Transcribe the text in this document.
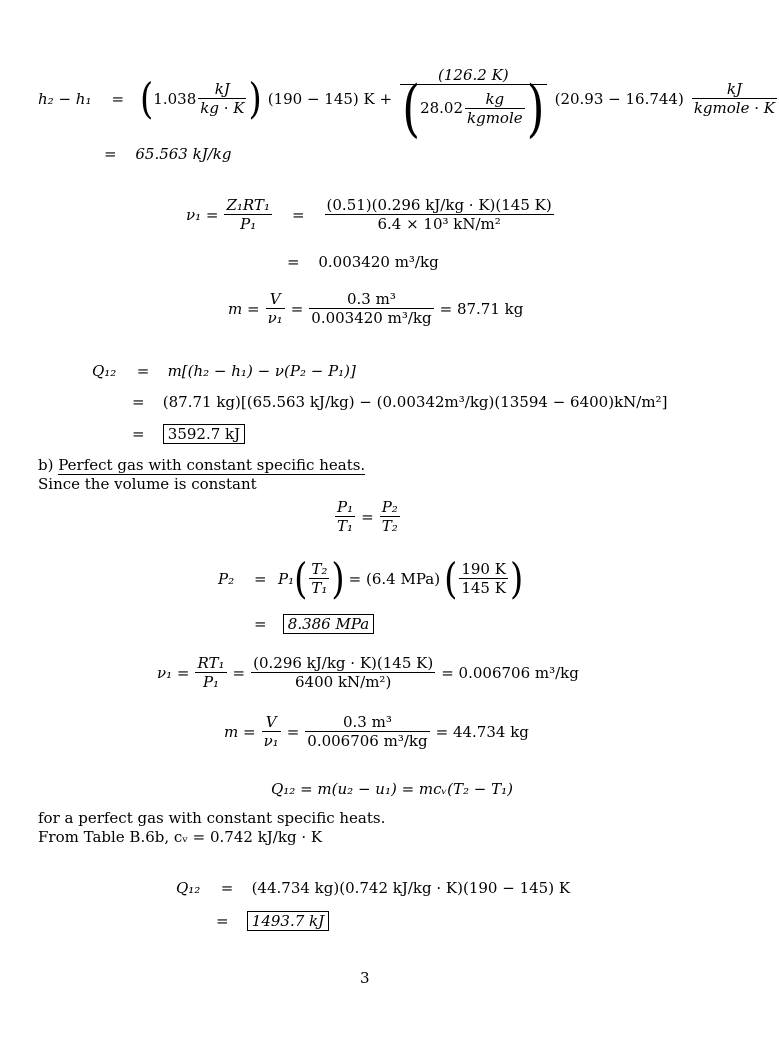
h₂ − h₁ = ( $1.038 \frac{kJ}{kg \cdot K}$ ) (190 − 145) K +
(126.2 K)
( $28.02 \frac{kg}{\text{kgmole}}$ ) $(20.93 - 16.744) \frac{kJ}{\text{kgmole · K}}$
= 65.563 kJ/kg
$\nu_1 = \frac{\text{Z₁RT₁}}{\text{P₁}} = \frac{(0.51)(0.296 kJ/kg \cdot K)(145 K)}{\text{6.4 × 10³ kN/m²}}$
= 0.003420 m³/kg
$m = \frac{V}{\text{ν₁}} = \frac{\text{0.3 m³}}{\text{0.003420 m³/kg}} = 87.71$ kg
Q₁₂ = m[(h₂ − h₁) − ν(P₂ − P₁)]
= (87.71 kg)[(65.563 kJ/kg) − (0.00342m³/kg)(13594 − 6400)kN/m²]
= 3592.7 kJ
b) Perfect gas with constant specific heats.
Since the volume is constant
$\frac{\text{P₁}}{\text{T₁}} = \frac{\text{P₂}}{\text{T₂}}$
P₂	= P₁ ( $\frac{\text{T₂}}{\text{T₁}}$ ) = (6.4 MPa) ( $\frac{190 K}{145 K}$ )
= 8.386 MPa
$\nu_1 = \frac{\text{RT₁}}{\text{P₁}} = \frac{(0.296 kJ/kg \cdot K)(145 K)}{\text{6400 kN/m²)}} = 0.006706$ m³/kg
$m = \frac{V}{\text{ν₁}} = \frac{\text{0.3 m³}}{\text{0.006706 m³/kg}} = 44.734$ kg
Q₁₂ = m(u₂ − u₁) = mcᵥ(T₂ − T₁)
for a perfect gas with constant specific heats.
From Table B.6b, cᵥ = 0.742 kJ/kg · K
Q₁₂ = (44.734 kg)(0.742 kJ/kg · K)(190 − 145) K
= 1493.7 kJ
3
